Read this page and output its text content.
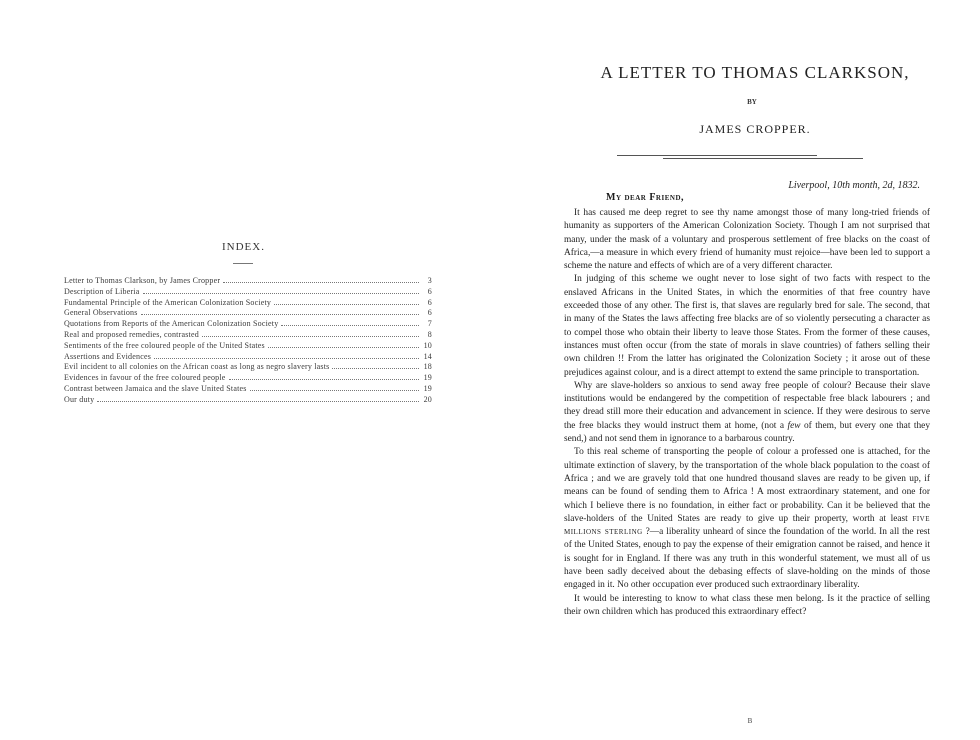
INDEX.
Letter to Thomas Clarkson, by James Cropper	3
Description of Liberia	6
Fundamental Principle of the American Colonization Society	6
General Observations	6
Quotations from Reports of the American Colonization Society	7
Real and proposed remedies, contrasted	8
Sentiments of the free coloured people of the United States	10
Assertions and Evidences	14
Evil incident to all colonies on the African coast as long as negro slavery lasts	18
Evidences in favour of the free coloured people	19
Contrast between Jamaica and the slave United States	19
Our duty	20
A LETTER TO THOMAS CLARKSON,
BY
JAMES CROPPER.
Liverpool, 10th month, 2d, 1832.
My dear Friend,

It has caused me deep regret to see thy name amongst those of many long-tried friends of humanity as supporters of the American Colonization Society. Though I am not surprised that many, under the mask of a voluntary and prosperous settlement of free blacks on the coast of Africa,—a measure in which every friend of humanity must rejoice—have been led to support a scheme the nature and effects of which are of a very different character.

In judging of this scheme we ought never to lose sight of two facts with respect to the enslaved Africans in the United States, in which the enormities of that free country have exceeded those of any other. The first is, that slaves are regularly bred for sale. The second, that in many of the States the laws affecting free blacks are of so violently persecuting a character as to compel those who obtain their liberty to leave those States. From the former of these causes, instances must often occur (from the state of morals in slave countries) of fathers selling their own children !! From the latter has originated the Colonization Society ; it arose out of these prejudices against colour, and is a direct attempt to extend the same principle to transportation.

Why are slave-holders so anxious to send away free people of colour? Because their slave institutions would be endangered by the competition of respectable free black labourers ; and they dread still more their education and advancement in science. If they were desirous to serve the free blacks they would instruct them at home, (not a few of them, but every one that they send,) and not send them in ignorance to a barbarous country.

To this real scheme of transporting the people of colour a professed one is attached, for the ultimate extinction of slavery, by the transportation of the whole black population to the coast of Africa ; and we are gravely told that one hundred thousand slaves are ready to be given up, if means can be found of sending them to Africa ! A most extraordinary statement, and one for which I believe there is no foundation, in either fact or probability. Can it be believed that the slave-holders of the United States are ready to give up their property, worth at least five millions sterling ?—a liberality unheard of since the foundation of the world. In all the rest of the United States, enough to pay the expense of their emigration cannot be raised, and hence it is sought for in England. If there was any truth in this wonderful statement, we must all of us have been sadly deceived about the debasing effects of slave-holding on the minds of those engaged in it. No other occupation ever produced such extraordinary liberality.

It would be interesting to know to what class these men belong. Is it the practice of selling their own children which has produced this extraordinary effect?

B
